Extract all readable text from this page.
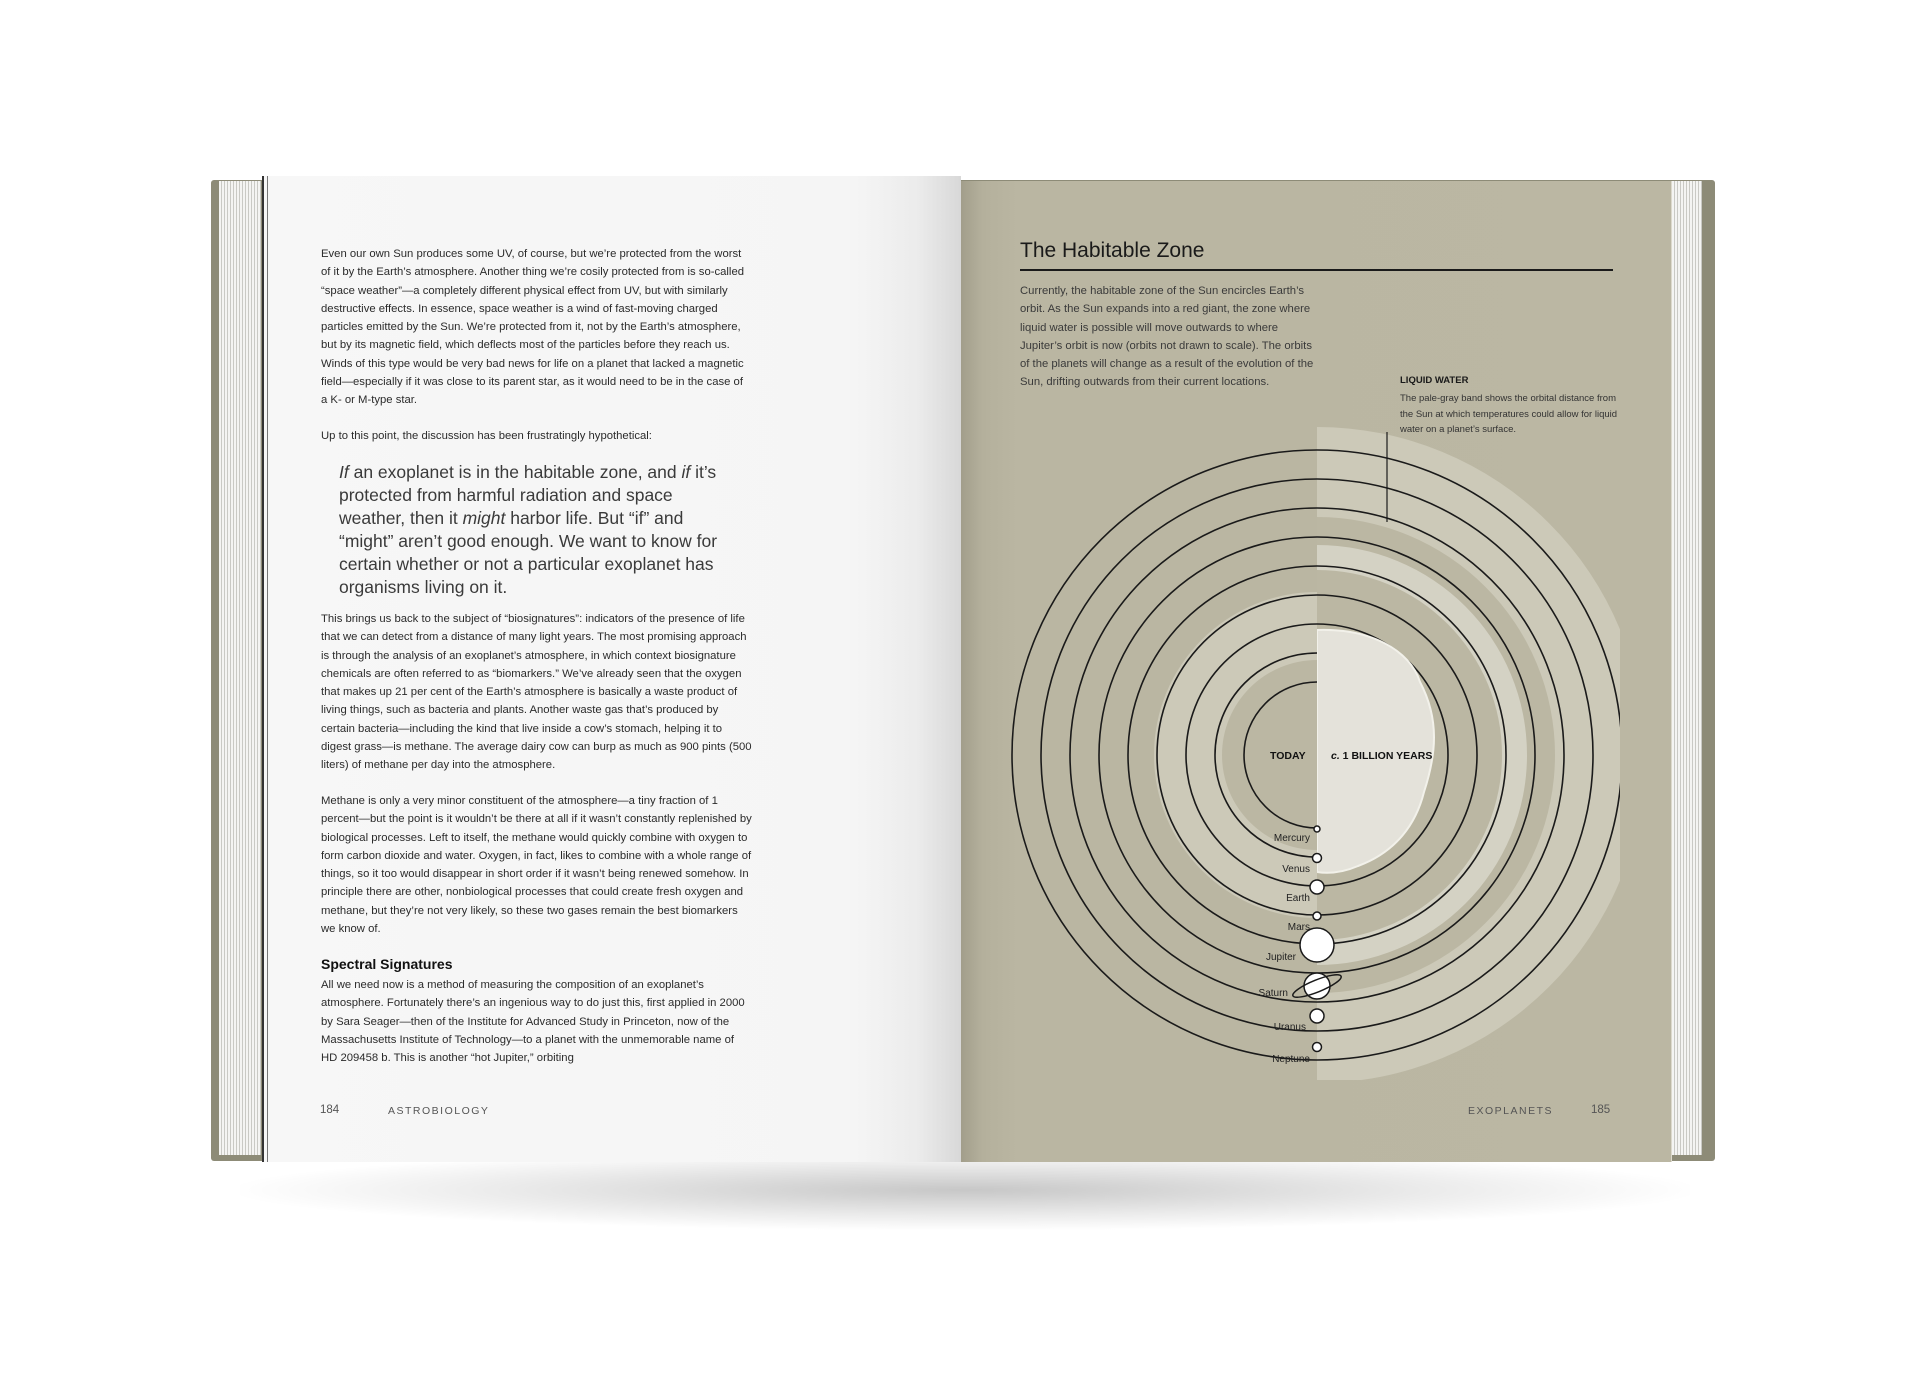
Even our own Sun produces some UV, of course, but we’re protected from the worst of it by the Earth’s atmosphere. Another thing we’re cosily protected from is so-called “space weather”—a completely different physical effect from UV, but with similarly destructive effects. In essence, space weather is a wind of fast-moving charged particles emitted by the Sun. We’re protected from it, not by the Earth’s atmosphere, but by its magnetic field, which deflects most of the particles before they reach us. Winds of this type would be very bad news for life on a planet that lacked a magnetic field—especially if it was close to its parent star, as it would need to be in the case of a K- or M-type star.

Up to this point, the discussion has been frustratingly hypothetical:

If an exoplanet is in the habitable zone, and if it’s protected from harmful radiation and space weather, then it might harbor life. But “if” and “might” aren’t good enough. We want to know for certain whether or not a particular exoplanet has organisms living on it.

This brings us back to the subject of “biosignatures”: indicators of the presence of life that we can detect from a distance of many light years. The most promising approach is through the analysis of an exoplanet’s atmosphere, in which context biosignature chemicals are often referred to as “biomarkers.” We’ve already seen that the oxygen that makes up 21 per cent of the Earth’s atmosphere is basically a waste product of living things, such as bacteria and plants. Another waste gas that’s produced by certain bacteria—including the kind that live inside a cow’s stomach, helping it to digest grass—is methane. The average dairy cow can burp as much as 900 pints (500 liters) of methane per day into the atmosphere.

Methane is only a very minor constituent of the atmosphere—a tiny fraction of 1 percent—but the point is it wouldn’t be there at all if it wasn’t constantly replenished by biological processes. Left to itself, the methane would quickly combine with oxygen to form carbon dioxide and water. Oxygen, in fact, likes to combine with a whole range of things, so it too would disappear in short order if it wasn’t being renewed somehow. In principle there are other, nonbiological processes that could create fresh oxygen and methane, but they’re not very likely, so these two gases remain the best biomarkers we know of.

Spectral Signatures

All we need now is a method of measuring the composition of an exoplanet’s atmosphere. Fortunately there’s an ingenious way to do just this, first applied in 2000 by Sara Seager—then of the Institute for Advanced Study in Princeton, now of the Massachusetts Institute of Technology—to a planet with the unmemorable name of HD 209458 b. This is another “hot Jupiter,” orbiting

184	ASTROBIOLOGY
The Habitable Zone

Currently, the habitable zone of the Sun encircles Earth’s orbit. As the Sun expands into a red giant, the zone where liquid water is possible will move outwards to where Jupiter’s orbit is now (orbits not drawn to scale). The orbits of the planets will change as a result of the evolution of the Sun, drifting outwards from their current locations.	LIQUID WATER

The pale-gray band shows the orbital distance from the Sun at which temperatures could allow for liquid water on a planet’s surface.

EXOPLANETS	185
TODAY c. 1 BILLION YEARS
Mercury
Venus
Earth
Mars
Jupiter
Saturn
Uranus
Neptune
